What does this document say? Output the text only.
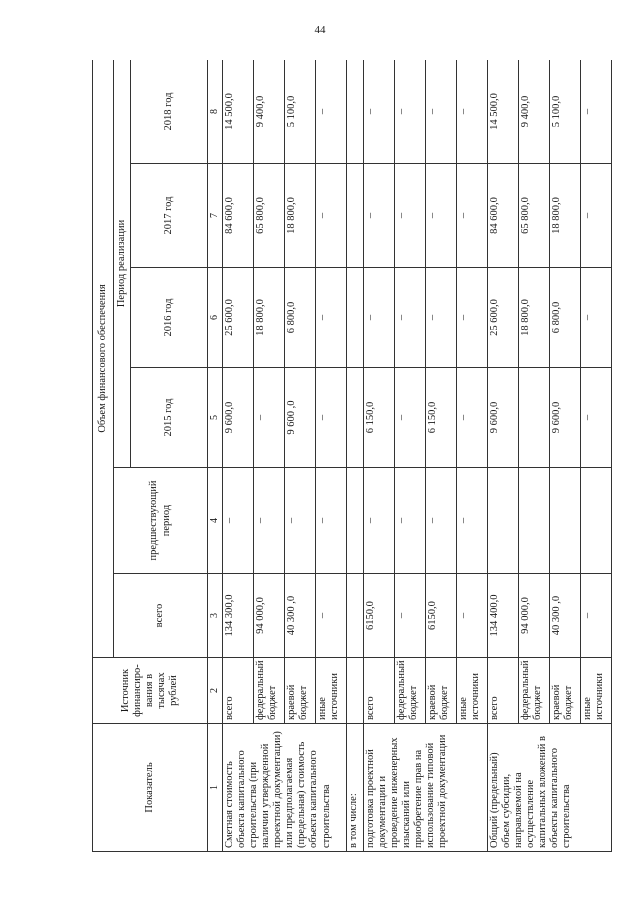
44
Показатель	Источник финансиро-вания в тысячах рублей	Объем финансового обеспечения					
		всего	предшествующий период	Период реализации			
				2015 год	2016 год	2017 год	2018 год
1	2	3	4	5	6	7	8
Сметная стоимость объекта капитального строительства (при наличии утвержденной проектной документации) или предполагаемая (предельная) стоимость объекта капитального строительства	всего	134 300,0	–	9 600,0	25 600,0	84 600,0	14 500,0
	федеральный бюджет	94 000,0	–	–	18 800,0	65 800,0	9 400,0
	краевой бюджет	40 300 ,0	–	9 600 ,0	6 800,0	18 800,0	5 100,0
	иные источники	–	–	–	–	–	–
в том числе:							
подготовка проектной документации и проведение инженерных изысканий или приобретение прав на использование типовой проектной документации	всего	6150,0	–	6 150,0	–	–	–
	федеральный бюджет	–	–	–	–	–	–
	краевой бюджет	6150,0	–	6 150,0	–	–	–
	иные источники	–	–	–	–	–	–
Общий (предельный) объем субсидии, направляемой на осуществление капитальных вложений в объекты капитального строительства	всего	134 400,0		9 600,0	25 600,0	84 600,0	14 500,0
	федеральный бюджет	94 000,0			18 800,0	65 800,0	9 400,0
	краевой бюджет	40 300 ,0		9 600,0	6 800,0	18 800,0	5 100,0
	иные источники	–		–	–	–	–
